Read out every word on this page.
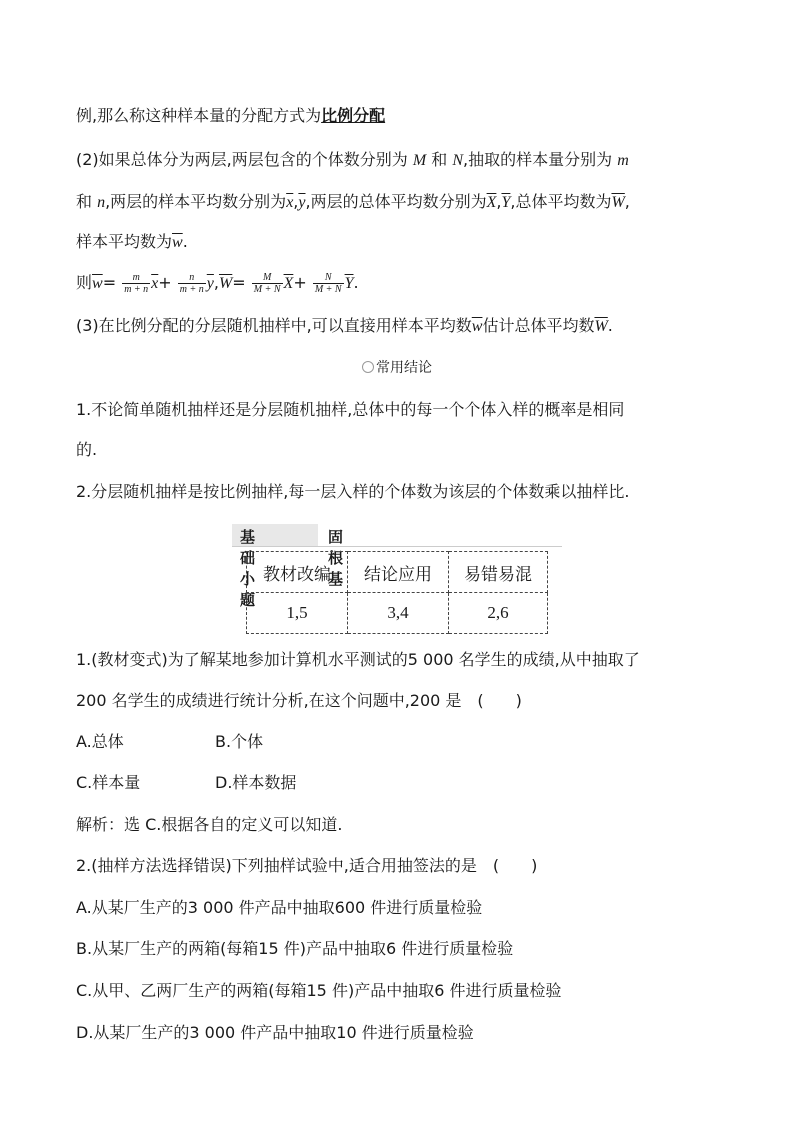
例,那么称这种样本量的分配方式为比例分配
(2)如果总体分为两层,两层包含的个体数分别为 M 和 N,抽取的样本量分别为 m
和 n,两层的样本平均数分别为$\overline{x},\overline{y}$,两层的总体平均数分别为$\overline{X},\overline{Y}$,总体平均数为$\overline{W}$,
样本平均数为$\overline{w}$.
则$\overline{w}= \frac{m}{m + n} \overline{x}+ \frac{n}{m + n} \overline{y},\overline{W}= \frac{M}{M + N} \overline{X}+ \frac{N}{M + N} \overline{Y}$.
(3)在比例分配的分层随机抽样中,可以直接用样本平均数$\overline{w}$估计总体平均数$\overline{W}$.
常用结论
1.不论简单随机抽样还是分层随机抽样,总体中的每一个个体入样的概率是相同
的.
2.分层随机抽样是按比例抽样,每一层入样的个体数为该层的个体数乘以抽样比.
基础小题
固根基
教材改编	结论应用	易错易混
1,5	3,4	2,6
1.(教材变式)为了解某地参加计算机水平测试的5 000 名学生的成绩,从中抽取了
200 名学生的成绩进行统计分析,在这个问题中,200 是　(　　)
A.总体	B.个体
C.样本量	D.样本数据
解析：选 C.根据各自的定义可以知道.
2.(抽样方法选择错误)下列抽样试验中,适合用抽签法的是　(　　)
A.从某厂生产的3 000 件产品中抽取600 件进行质量检验
B.从某厂生产的两箱(每箱15 件)产品中抽取6 件进行质量检验
C.从甲、乙两厂生产的两箱(每箱15 件)产品中抽取6 件进行质量检验
D.从某厂生产的3 000 件产品中抽取10 件进行质量检验
